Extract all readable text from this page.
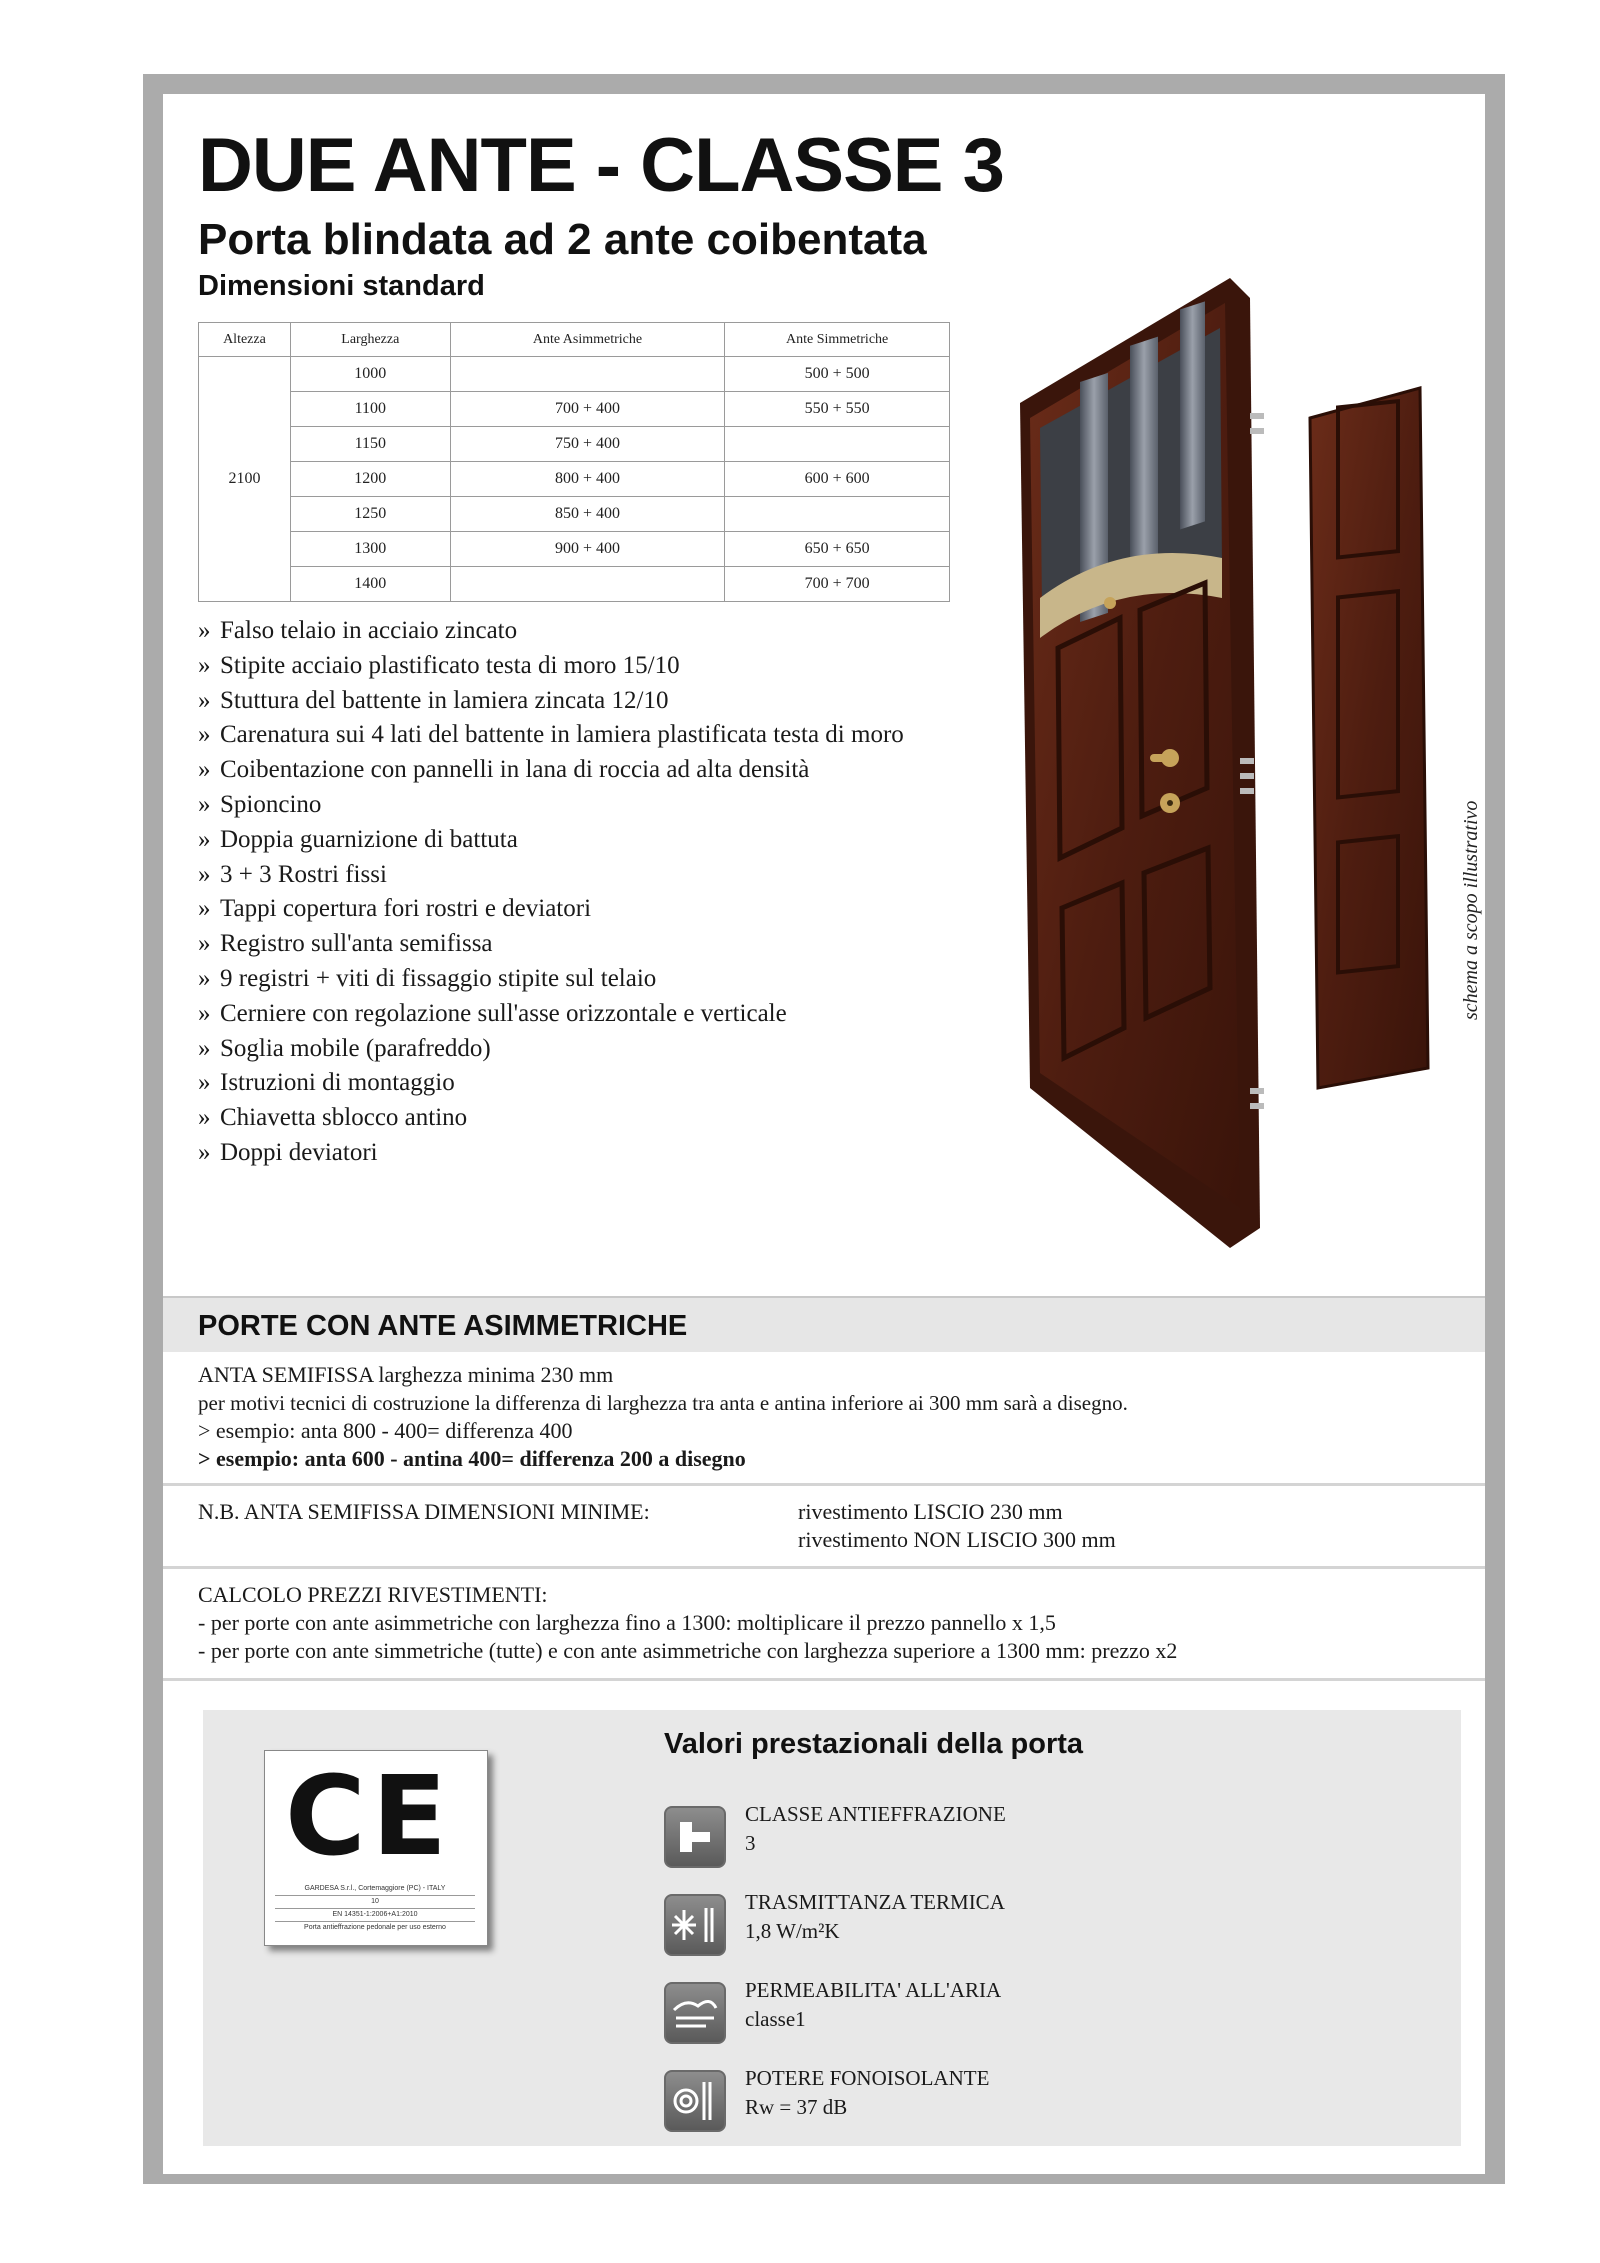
DUE ANTE - CLASSE 3
Porta blindata ad 2 ante coibentata
Dimensioni standard
Altezza	Larghezza	Ante Asimmetriche	Ante Simmetriche
2100	1000		500 + 500
	1100	700 + 400	550 + 550
	1150	750 + 400	
	1200	800 + 400	600 + 600
	1250	850 + 400	
	1300	900 + 400	650 + 650
	1400		700 + 700
» Falso telaio in acciaio zincato
» Stipite acciaio plastificato testa di moro 15/10
» Stuttura del battente in lamiera zincata 12/10
» Carenatura sui 4 lati del battente in lamiera plastificata testa di moro
» Coibentazione con pannelli in lana di roccia ad alta densità
» Spioncino
» Doppia guarnizione di battuta
» 3 + 3 Rostri fissi
» Tappi copertura fori rostri e deviatori
» Registro sull'anta semifissa
» 9 registri + viti di fissaggio stipite sul telaio
» Cerniere con regolazione sull'asse orizzontale e verticale
» Soglia mobile (parafreddo)
» Istruzioni di montaggio
» Chiavetta sblocco antino
» Doppi deviatori
schema a scopo illustrativo
PORTE CON ANTE ASIMMETRICHE
ANTA SEMIFISSA larghezza minima 230 mm
per motivi tecnici di costruzione la differenza di larghezza tra anta e antina inferiore ai 300 mm sarà a disegno.
> esempio: anta 800 - 400= differenza 400
> esempio: anta 600 - antina 400= differenza 200 a disegno
N.B. ANTA SEMIFISSA DIMENSIONI MINIME:	rivestimento LISCIO 230 mm
rivestimento NON LISCIO 300 mm
CALCOLO PREZZI RIVESTIMENTI:
- per porte con ante asimmetriche con larghezza fino a 1300: moltiplicare il prezzo pannello x 1,5
- per porte con ante simmetriche (tutte) e con ante asimmetriche con larghezza superiore a 1300 mm: prezzo x2
CE
GARDESA S.r.l., Cortemaggiore (PC) - ITALY
10
EN 14351-1:2006+A1:2010
Porta antieffrazione pedonale per uso esterno
Valori prestazionali della porta
CLASSE ANTIEFFRAZIONE
3
TRASMITTANZA TERMICA
1,8 W/m²K
PERMEABILITA' ALL'ARIA
classe1
POTERE FONOISOLANTE
Rw = 37 dB
